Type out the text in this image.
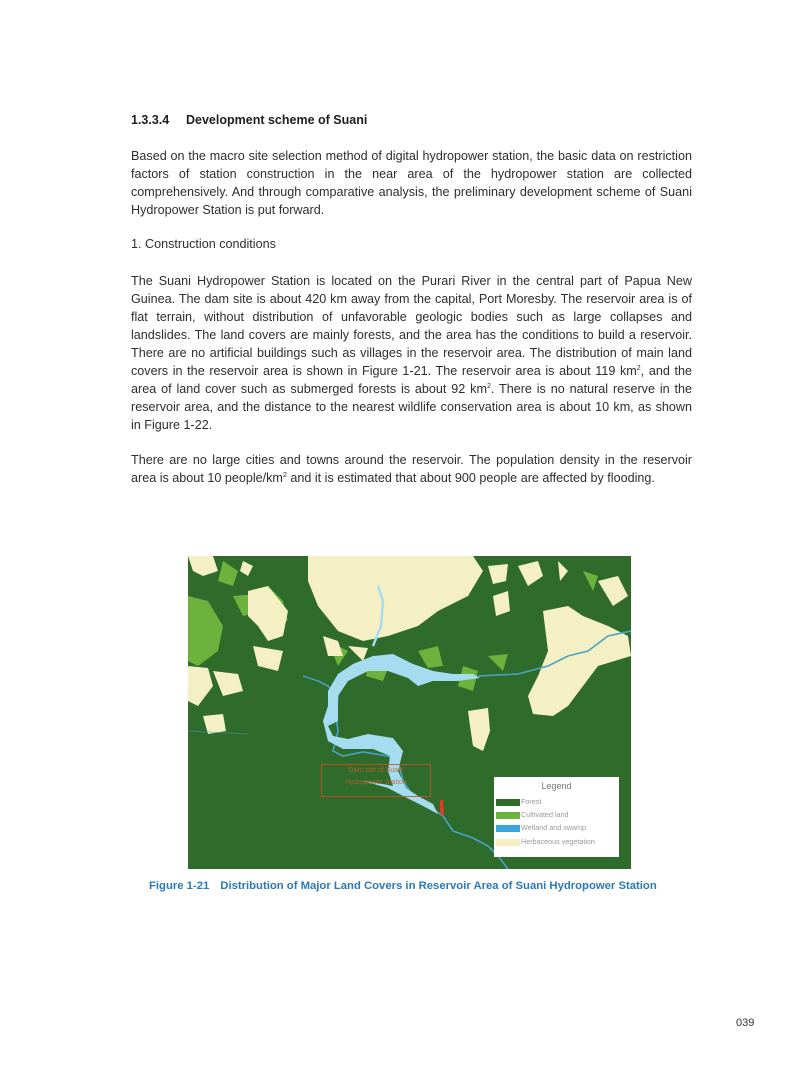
1.3.3.4 Development scheme of Suani

Based on the macro site selection method of digital hydropower station, the basic data on restriction factors of station construction in the near area of the hydropower station are collected comprehensively. And through comparative analysis, the preliminary development scheme of Suani Hydropower Station is put forward.

1. Construction conditions

The Suani Hydropower Station is located on the Purari River in the central part of Papua New Guinea. The dam site is about 420 km away from the capital, Port Moresby. The reservoir area is of flat terrain, without distribution of unfavorable geologic bodies such as large collapses and landslides. The land covers are mainly forests, and the area has the conditions to build a reservoir. There are no artificial buildings such as villages in the reservoir area. The distribution of main land covers in the reservoir area is shown in Figure 1-21. The reservoir area is about 119 $km^2$, and the area of land cover such as submerged forests is about 92 $km^2$. There is no natural reserve in the reservoir area, and the distance to the nearest wildlife conservation area is about 10 km, as shown in Figure 1-22.

There are no large cities and towns around the reservoir. The population density in the reservoir area is about 10 people/$km^2$ and it is estimated that about 900 people are affected by flooding.

Dam site of Suani
Hydropower Station	Legend
Forest
Cultivated land
Wetland and swamp
Herbaceous vegetation
Figure 1-21 Distribution of Major Land Covers in Reservoir Area of Suani Hydropower Station
039
